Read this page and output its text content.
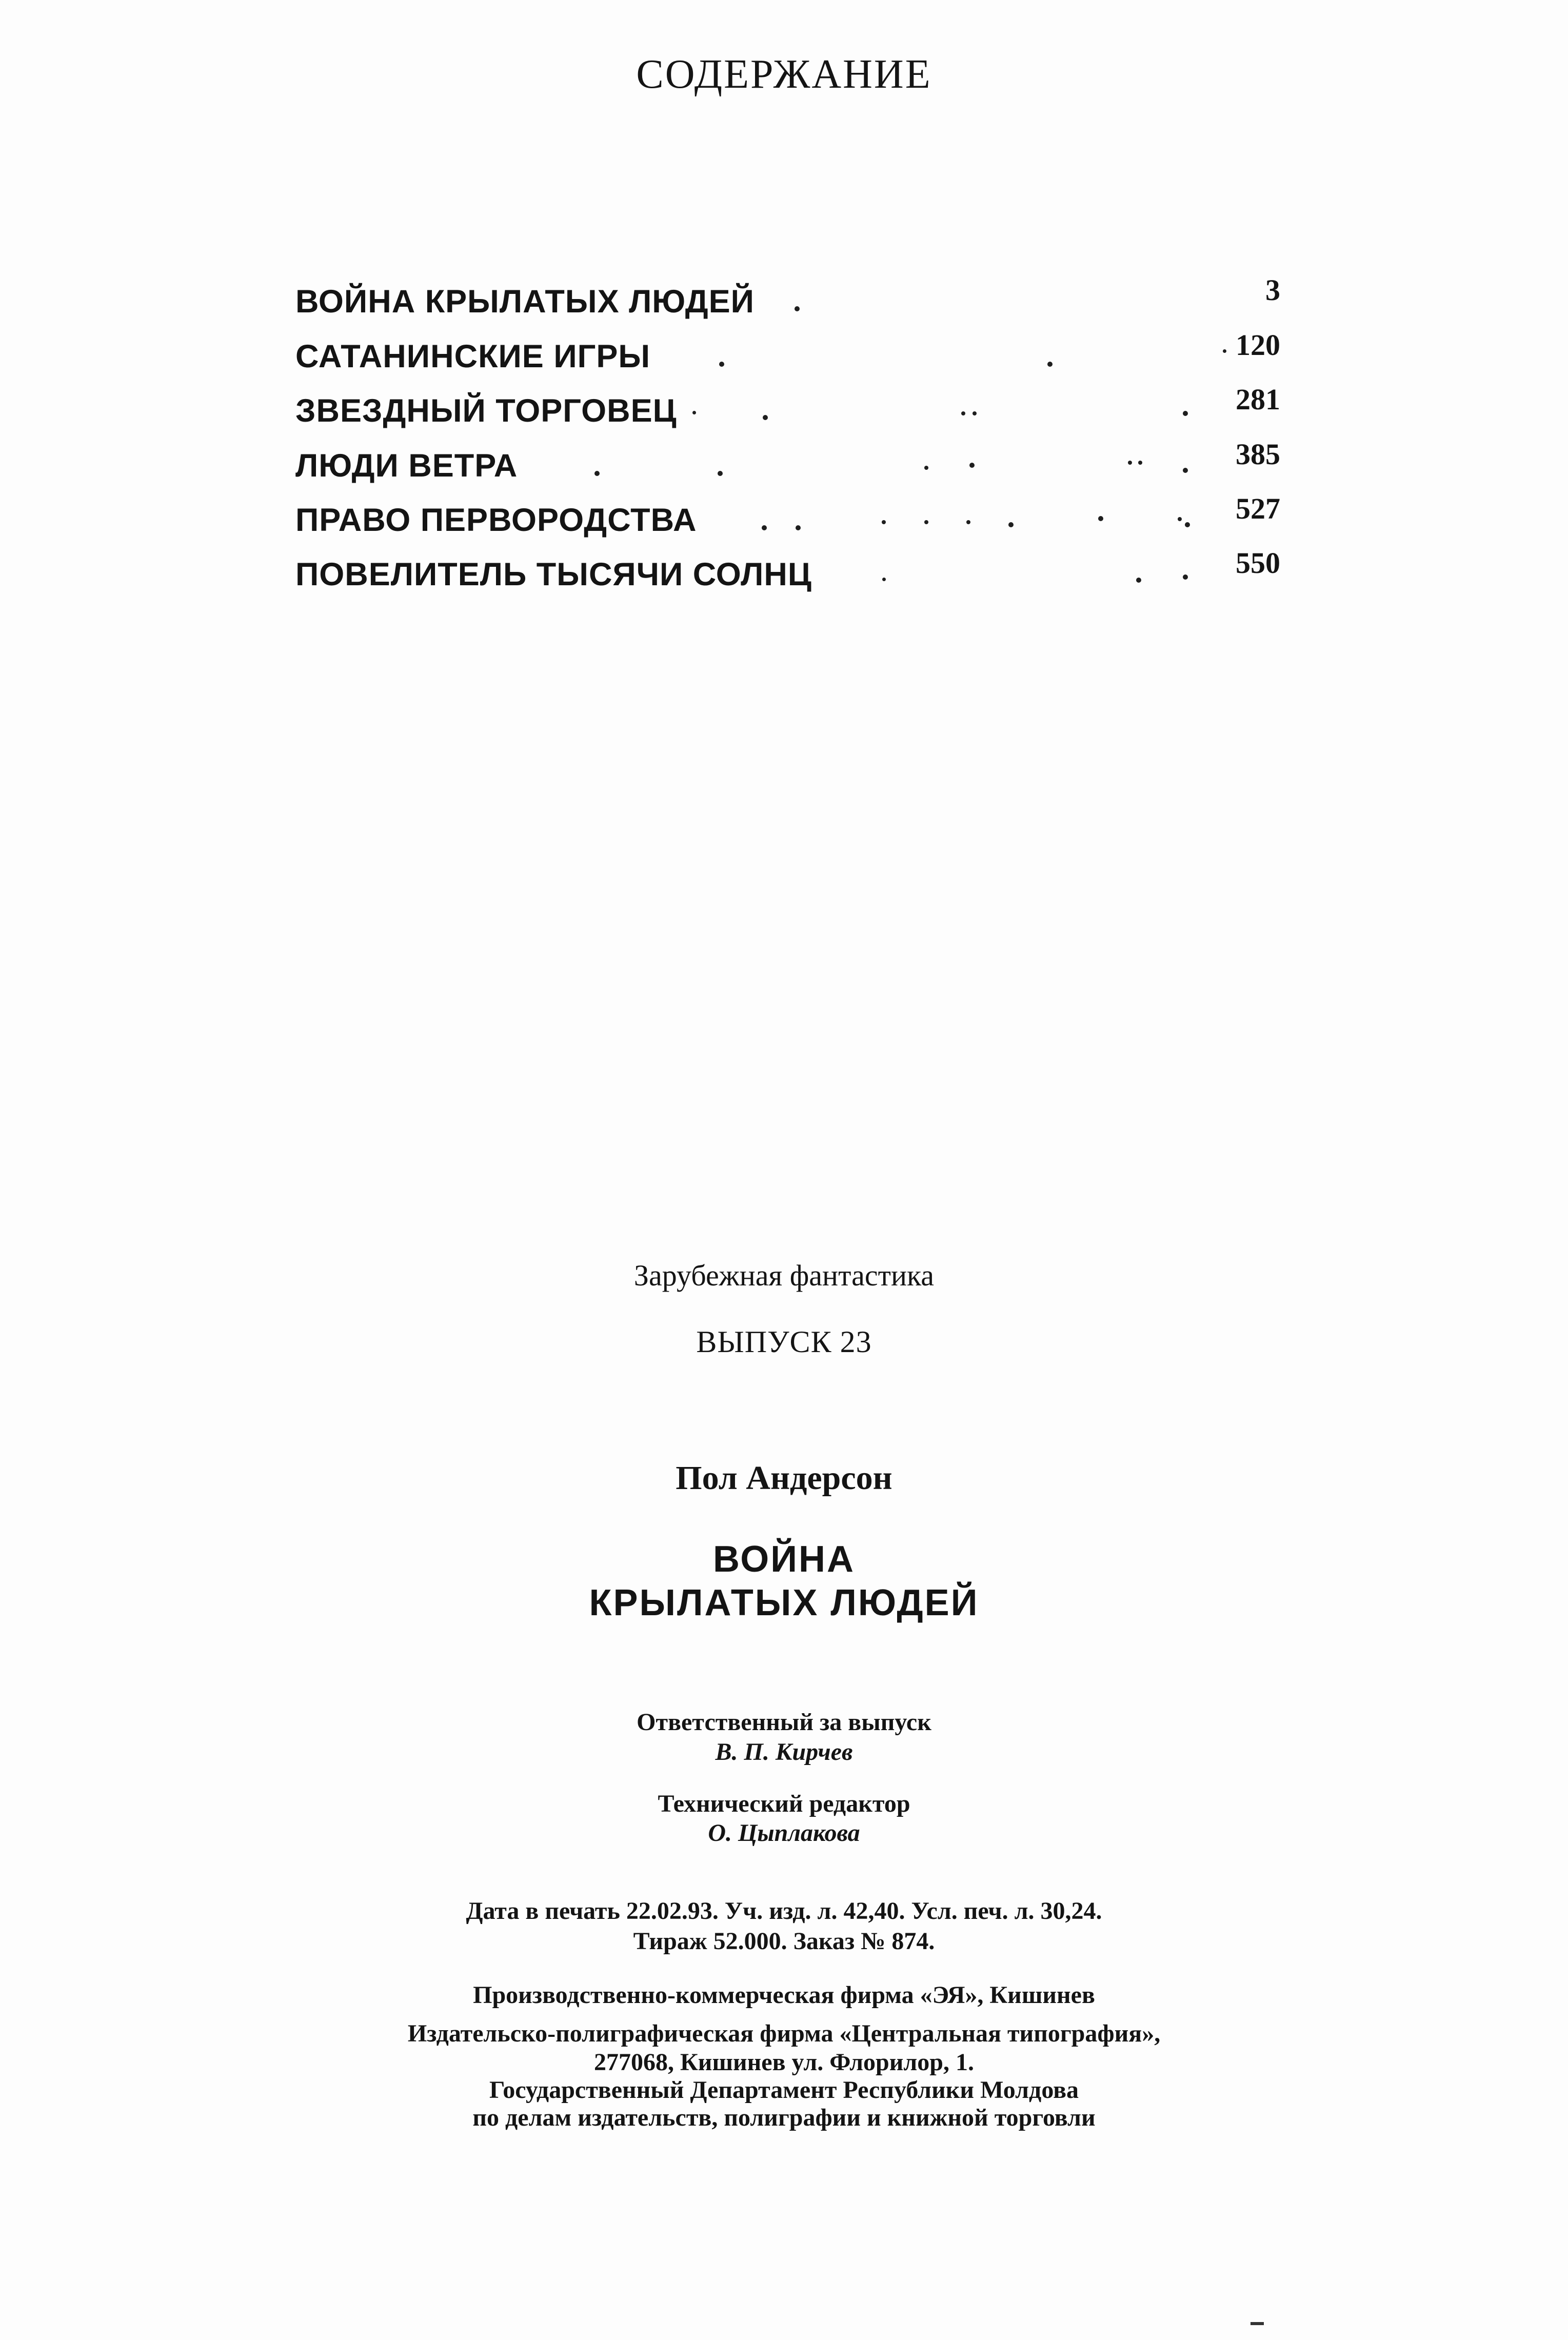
СОДЕРЖАНИЕ
ВОЙНА КРЫЛАТЫХ ЛЮДЕЙ	3
САТАНИНСКИЕ ИГРЫ	120
ЗВЕЗДНЫЙ ТОРГОВЕЦ	281
ЛЮДИ ВЕТРА	385
ПРАВО ПЕРВОРОДСТВА	527
ПОВЕЛИТЕЛЬ ТЫСЯЧИ СОЛНЦ	550
Зарубежная фантастика
ВЫПУСК 23
Пол Андерсон
ВОЙНА
КРЫЛАТЫХ ЛЮДЕЙ
Ответственный за выпуск
В. П. Кирчев
Технический редактор
О. Цыплакова
Дата в печать 22.02.93. Уч. изд. л. 42,40. Усл. печ. л. 30,24.
Тираж 52.000. Заказ № 874.
Производственно-коммерческая фирма «ЭЯ», Кишинев
Издательско-полиграфическая фирма «Центральная типография»,
277068, Кишинев ул. Флорилор, 1.
Государственный Департамент Республики Молдова
по делам издательств, полиграфии и книжной торговли
